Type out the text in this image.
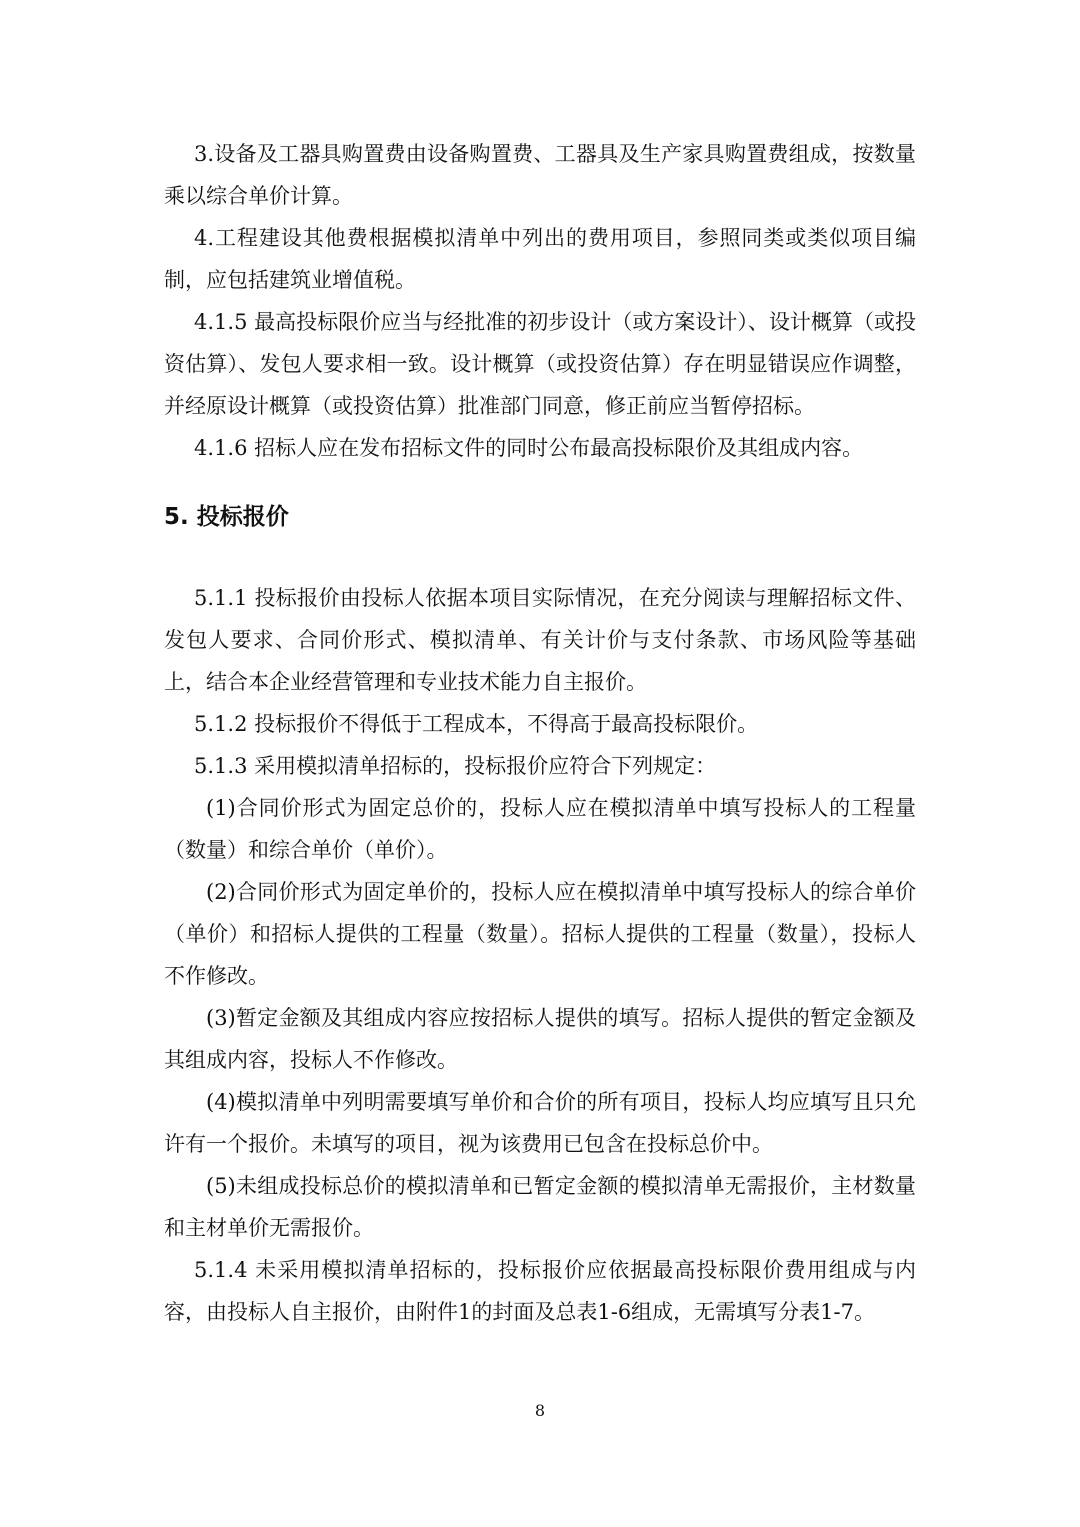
3.设备及工器具购置费由设备购置费、工器具及生产家具购置费组成，按数量乘以综合单价计算。

4.工程建设其他费根据模拟清单中列出的费用项目，参照同类或类似项目编制，应包括建筑业增值税。

4.1.5 最高投标限价应当与经批准的初步设计（或方案设计）、设计概算（或投资估算）、发包人要求相一致。设计概算（或投资估算）存在明显错误应作调整，并经原设计概算（或投资估算）批准部门同意，修正前应当暂停招标。

4.1.6 招标人应在发布招标文件的同时公布最高投标限价及其组成内容。

5. 投标报价

5.1.1 投标报价由投标人依据本项目实际情况，在充分阅读与理解招标文件、发包人要求、合同价形式、模拟清单、有关计价与支付条款、市场风险等基础上，结合本企业经营管理和专业技术能力自主报价。

5.1.2 投标报价不得低于工程成本，不得高于最高投标限价。

5.1.3 采用模拟清单招标的，投标报价应符合下列规定：

(1)合同价形式为固定总价的，投标人应在模拟清单中填写投标人的工程量（数量）和综合单价（单价）。

(2)合同价形式为固定单价的，投标人应在模拟清单中填写投标人的综合单价（单价）和招标人提供的工程量（数量）。招标人提供的工程量（数量），投标人不作修改。

(3)暂定金额及其组成内容应按招标人提供的填写。招标人提供的暂定金额及其组成内容，投标人不作修改。

(4)模拟清单中列明需要填写单价和合价的所有项目，投标人均应填写且只允许有一个报价。未填写的项目，视为该费用已包含在投标总价中。

(5)未组成投标总价的模拟清单和已暂定金额的模拟清单无需报价，主材数量和主材单价无需报价。

5.1.4 未采用模拟清单招标的，投标报价应依据最高投标限价费用组成与内容，由投标人自主报价，由附件1的封面及总表1-6组成，无需填写分表1-7。

8
